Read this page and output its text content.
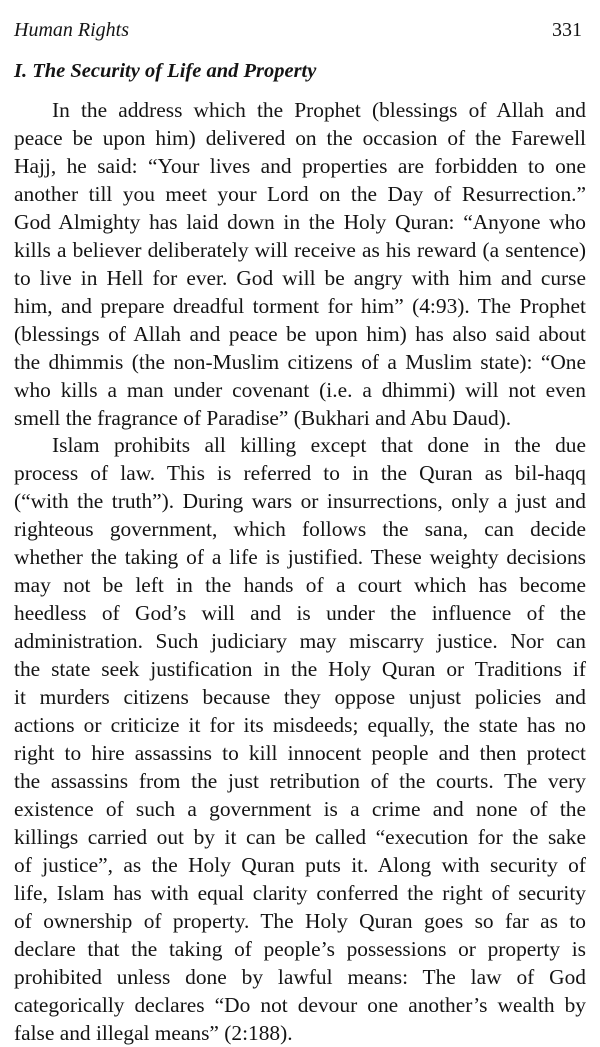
Human Rights	331
I. The Security of Life and Property
In the address which the Prophet (blessings of Allah and
peace be upon him) delivered on the occasion of the Farewell
Hajj, he said: “Your lives and properties are forbidden to one
another till you meet your Lord on the Day of Resurrection.”
God Almighty has laid down in the Holy Quran: “Anyone who
kills a believer deliberately will receive as his reward (a sentence)
to live in Hell for ever. God will be angry with him and curse
him, and prepare dreadful torment for him” (4:93). The Prophet
(blessings of Allah and peace be upon him) has also said about
the dhimmis (the non-Muslim citizens of a Muslim state): “One
who kills a man under covenant (i.e. a dhimmi) will not even
smell the fragrance of Paradise” (Bukhari and Abu Daud).
Islam prohibits all killing except that done in the due
process of law. This is referred to in the Quran as bil-haqq
(“with the truth”). During wars or insurrections, only a just and
righteous government, which follows the sana, can decide
whether the taking of a life is justified. These weighty decisions
may not be left in the hands of a court which has become
heedless of God’s will and is under the influence of the
administration. Such judiciary may miscarry justice. Nor can
the state seek justification in the Holy Quran or Traditions if
it murders citizens because they oppose unjust policies and
actions or criticize it for its misdeeds; equally, the state has no
right to hire assassins to kill innocent people and then protect
the assassins from the just retribution of the courts. The very
existence of such a government is a crime and none of the
killings carried out by it can be called “execution for the sake
of justice”, as the Holy Quran puts it. Along with security of
life, Islam has with equal clarity conferred the right of security
of ownership of property. The Holy Quran goes so far as to
declare that the taking of people’s possessions or property is
prohibited unless done by lawful means: The law of God
categorically declares “Do not devour one another’s wealth by
false and illegal means” (2:188).
